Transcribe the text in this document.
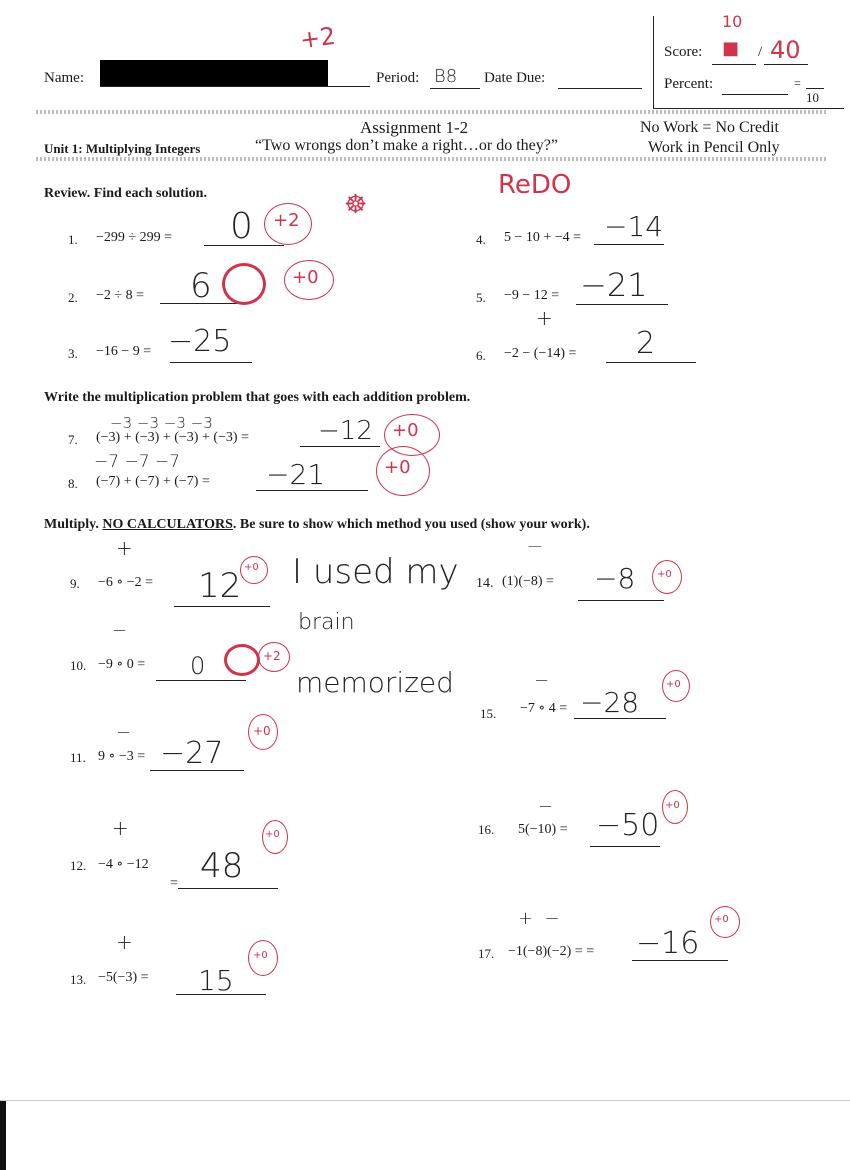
Name:
+2
Period: B8 Date Due:
Score:
10
■ / 40
Percent:	=
10
Assignment 1-2
Unit 1: Multiplying Integers	“Two wrongs don’t make a right…or do they?”
No Work = No Credit
Work in Pencil Only
Review. Find each solution.	ReDO
☸
1. −299 ÷ 299 = 0 +2
2. −2 ÷ 8 = 6	+0
3. −16 − 9 = −25
4. 5 − 10 + −4 = −14
5. −9 − 12 = −21
6.
+
−2 − (−14) = 2
Write the multiplication problem that goes with each addition problem.
7.
−3 −3 −3 −3
(−3) + (−3) + (−3) + (−3) =	−12 +0
8.
−7 −7 −7
(−7) + (−7) + (−7) = −21	+0
Multiply. NO CALCULATORS. Be sure to show which method you used (show your work).
9.
+
−6 ∘ −2 = 12 +0 I used my
brain
memorized
10.
−
−9 ∘ 0 = 0	+2
11.
−
9 ∘ −3 = −27
+0
12.
+
−4 ∘ −12
= 48
+0
13.
+
−5(−3) = 15
+0
14.
—
(1)(−8) = −8 +0
15.
−
−7 ∘ 4 = −28
+0
16.
−
5(−10) = −50
+0
17.
+  −
−1(−8)(−2) = = −16
+0
